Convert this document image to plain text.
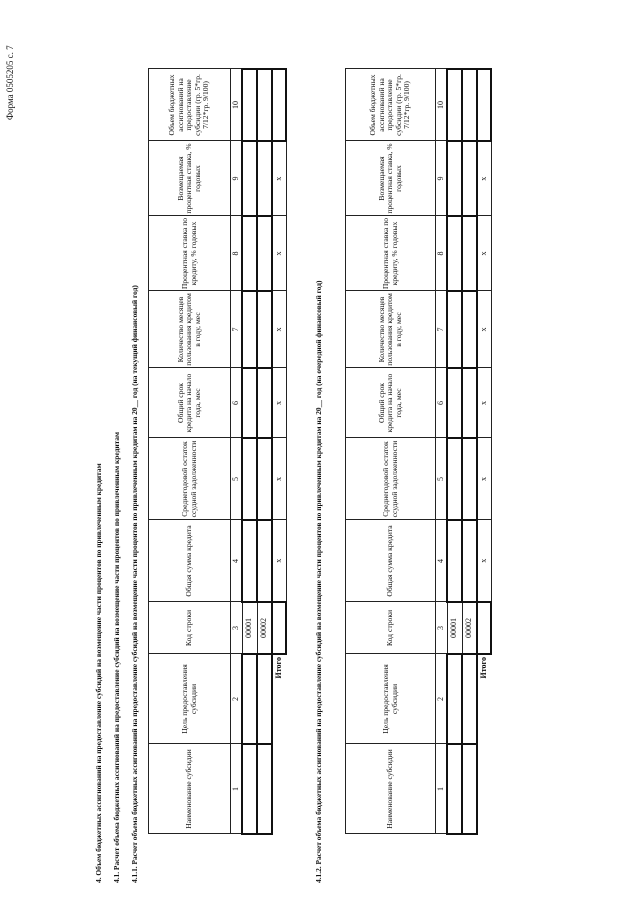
Форма 0505205 с. 7
4. Объем бюджетных ассигнований на предоставление субсидий на возмещение части процентов по привлеченным кредитам 4.1. Расчет объема бюджетных ассигнований на предоставление субсидий на возмещение части процентов по привлеченным кредитам 4.1.1. Расчет объема бюджетных ассигнований на предоставление субсидий на возмещение части процентов по привлеченным кредитам на 20__ год (на текущий финансовый год)	Наименование субсидии	Цель предоставления субсидии	Код строки	Общая сумма кредита	Среднегодовой остаток ссудной задолженности	Общий срок кредита на начало года, мес	Количество месяцев пользования кредитом в году, мес	Процентная ставка по кредиту, % годовых	Возмещаемая процентная ставка, % годовых	Объем бюджетных ассигнований на предоставление субсидии (гр. 5*гр. 7/12*гр. 9/100)
1	2	3	4	5	6	7	8	9	10
		00001							
		00002							
	Итого		x	x	x	x	x	x	
4.1.2. Расчет объема бюджетных ассигнований на предоставление субсидий на возмещение части процентов по привлеченным кредитам на 20__ год (на очередной финансовый год)	Наименование субсидии	Цель предоставления субсидии	Код строки	Общая сумма кредита	Среднегодовой остаток ссудной задолженности	Общий срок кредита на начало года, мес	Количество месяцев пользования кредитом в году, мес	Процентная ставка по кредиту, % годовых	Возмещаемая процентная ставка, % годовых	Объем бюджетных ассигнований на предоставление субсидии (гр. 5*гр. 7/12*гр. 9/100)
1	2	3	4	5	6	7	8	9	10
		00001							
		00002							
	Итого		x	x	x	x	x	x	
